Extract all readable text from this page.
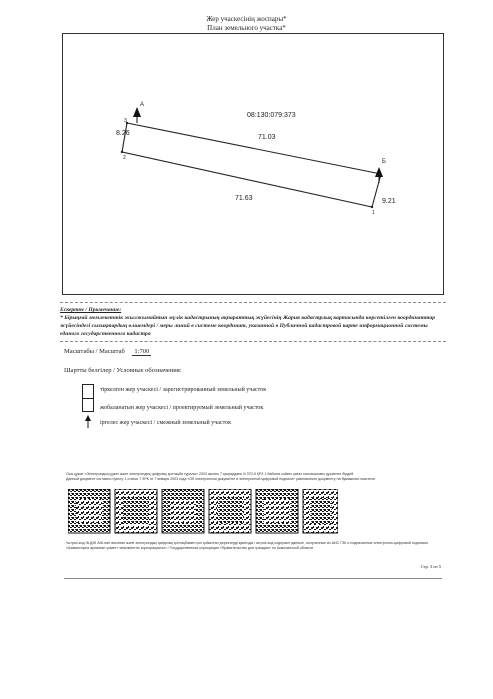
Жер учаскесінің жоспары*
План земельного участка*
08:130:079:373
А
Б
71.03
71.63
8.26
9.21
3
2
1
Ескертпе / Примечание:
* Бірыңғай мемлекеттік жылжымайтын мүлік кадастрының ақпараттық жүйесінің Жария кадастрлық картасында көрсетілген координаттар жүйесіндегі сызықтардың өлшемдері / меры линий в системе координат, указанной в Публичной кадастровой карте информационной системы единого государственного кадастра
Масштабы / Масштаб 1:700
Шартты белгілер / Условные обозначения:
тіркелген жер учаскесі / зарегистрированный земельный участок
жобаланатын жер учаскесі / проектируемый земельный участок
іргелес жер учаскесі / смежный земельный участок
Осы құжат «Электрондық құжат және электрондық цифрлық қолтаңба туралы» 2003 жылғы 7 қаңтардағы N 370-II ҚРЗ 1 бабына сәйкес қағаз тасығыштағы құжатпен бірдей.
Данный документ согласно пункту 1 статьи 7 ЗРК от 7 января 2003 года «Об электронном документе и электронной цифровой подписи» равнозначен документу на бумажном носителе.
*штрих-код ЭЦҚЖ АЖ-нан алынған және электрондық цифрлық қолтаңбамен қол қойылған деректерді қамтиды / штрих-код содержит данные, полученные из АИС ГЗК и подписанные электронно-цифровой подписью
«Азаматтарға арналған үкімет» мемлекеттік корпорациясы» / Государственная корпорация «Правительство для граждан» по Акмолинской области
Стр. 3 из 5
